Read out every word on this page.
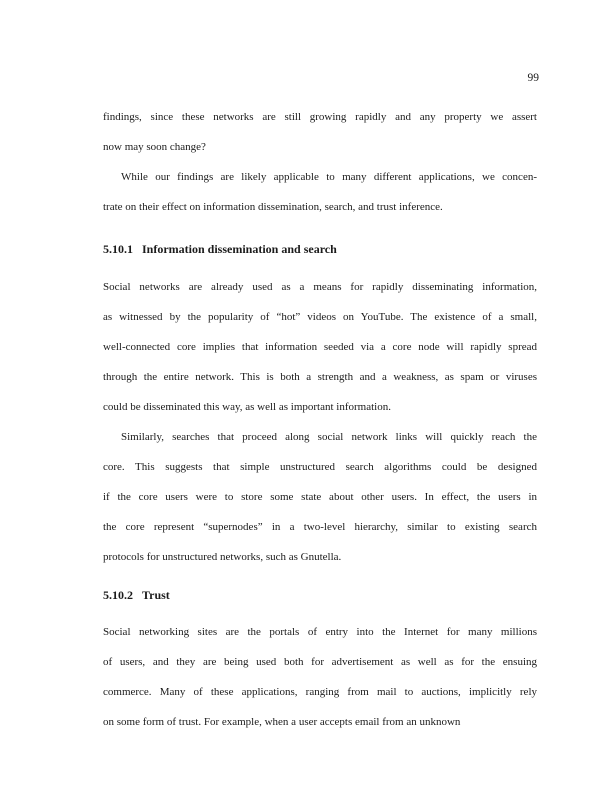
99
findings, since these networks are still growing rapidly and any property we assert
now may soon change?
While our findings are likely applicable to many different applications, we concen-
trate on their effect on information dissemination, search, and trust inference.
5.10.1 Information dissemination and search
Social networks are already used as a means for rapidly disseminating information,
as witnessed by the popularity of “hot” videos on YouTube. The existence of a small,
well-connected core implies that information seeded via a core node will rapidly spread
through the entire network. This is both a strength and a weakness, as spam or viruses
could be disseminated this way, as well as important information.
Similarly, searches that proceed along social network links will quickly reach the
core. This suggests that simple unstructured search algorithms could be designed
if the core users were to store some state about other users. In effect, the users in
the core represent “supernodes” in a two-level hierarchy, similar to existing search
protocols for unstructured networks, such as Gnutella.
5.10.2 Trust
Social networking sites are the portals of entry into the Internet for many millions
of users, and they are being used both for advertisement as well as for the ensuing
commerce. Many of these applications, ranging from mail to auctions, implicitly rely
on some form of trust. For example, when a user accepts email from an unknown
